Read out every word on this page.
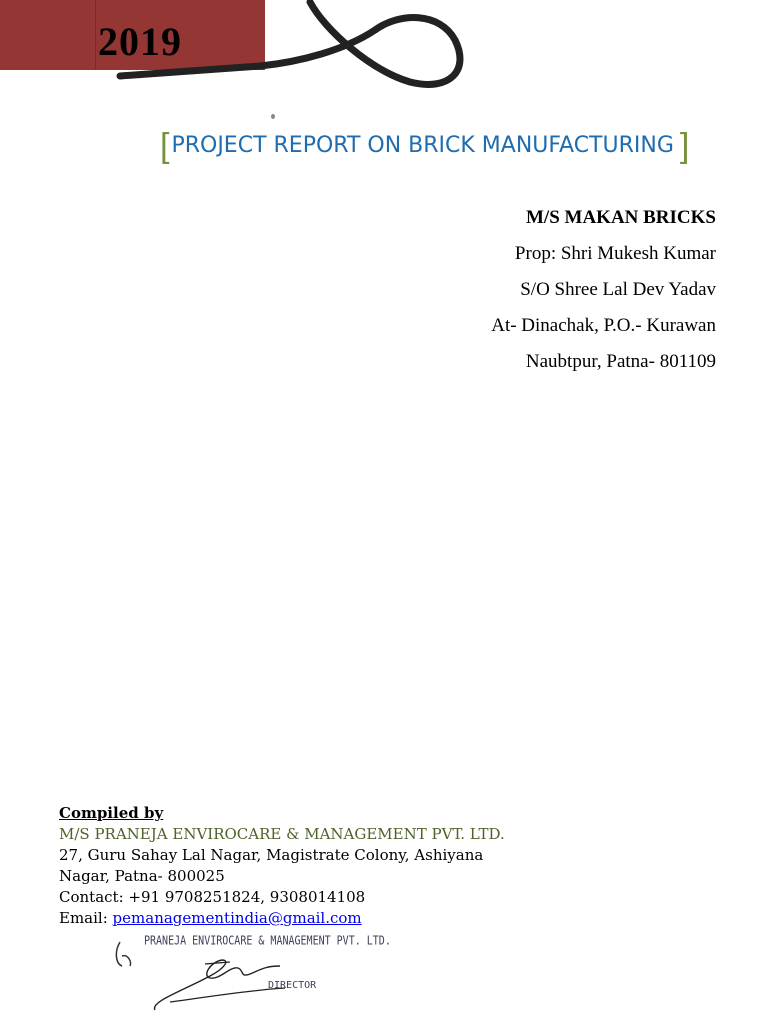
2019
[ PROJECT REPORT ON BRICK MANUFACTURING ]
M/S MAKAN BRICKS
Prop: Shri Mukesh Kumar
S/O Shree Lal Dev Yadav
At- Dinachak, P.O.- Kurawan
Naubtpur, Patna- 801109
Compiled by
M/S PRANEJA ENVIROCARE & MANAGEMENT PVT. LTD.
27, Guru Sahay Lal Nagar, Magistrate Colony, Ashiyana
Nagar, Patna- 800025
Contact: +91 9708251824, 9308014108
Email: pemanagementindia@gmail.com
PRANEJA ENVIROCARE & MANAGEMENT PVT. LTD.
DIRECTOR
